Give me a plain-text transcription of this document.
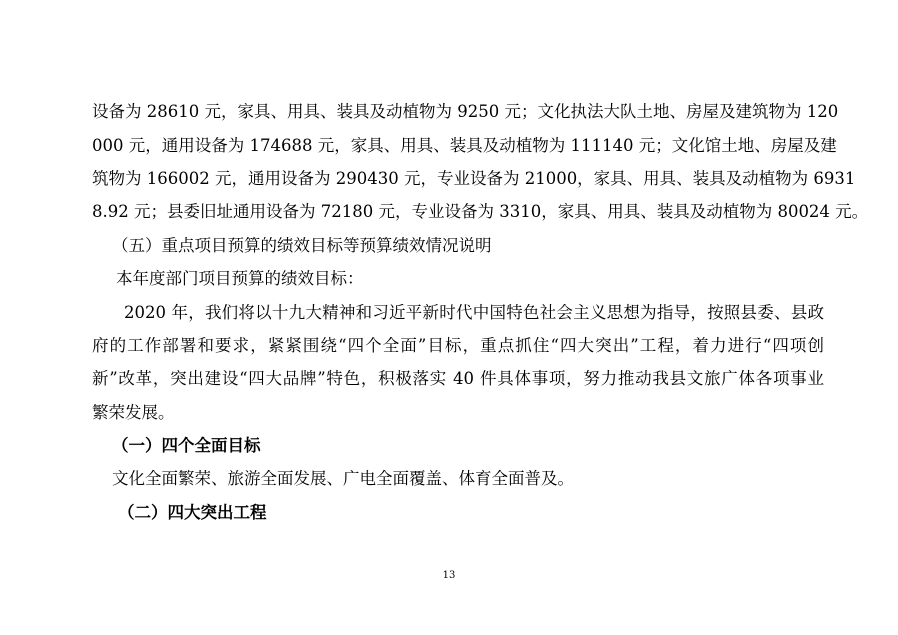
设备为 28610 元，家具、用具、装具及动植物为 9250 元；文化执法大队土地、房屋及建筑物为 120
000 元，通用设备为 174688 元，家具、用具、装具及动植物为 111140 元；文化馆土地、房屋及建
筑物为 166002 元，通用设备为 290430 元，专业设备为 21000，家具、用具、装具及动植物为 6931
8.92 元；县委旧址通用设备为 72180 元，专业设备为 3310，家具、用具、装具及动植物为 80024 元。
（五）重点项目预算的绩效目标等预算绩效情况说明
本年度部门项目预算的绩效目标：
2020 年，我们将以十九大精神和习近平新时代中国特色社会主义思想为指导，按照县委、县政
府的工作部署和要求，紧紧围绕“四个全面”目标，重点抓住“四大突出”工程，着力进行“四项创
新”改革，突出建设“四大品牌”特色，积极落实 40 件具体事项，努力推动我县文旅广体各项事业
繁荣发展。
（一）四个全面目标
文化全面繁荣、旅游全面发展、广电全面覆盖、体育全面普及。
（二）四大突出工程
13
